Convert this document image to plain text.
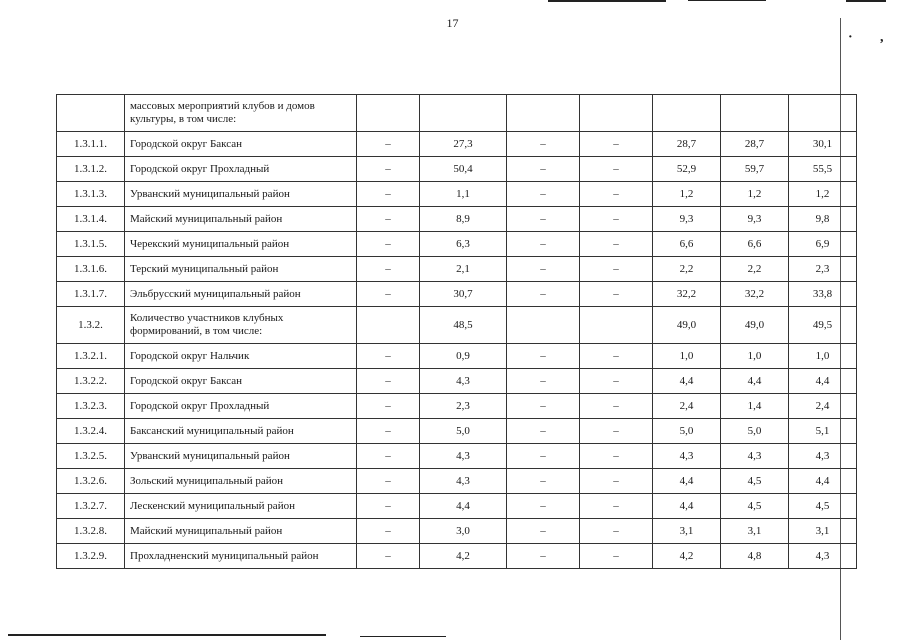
17
· ,
	массовых мероприятий клубов и домов культуры, в том числе:							
1.3.1.1.	Городской округ Баксан	–	27,3	–	–	28,7	28,7	30,1
1.3.1.2.	Городской округ Прохладный	–	50,4	–	–	52,9	59,7	55,5
1.3.1.3.	Урванский муниципальный район	–	1,1	–	–	1,2	1,2	1,2
1.3.1.4.	Майский муниципальный район	–	8,9	–	–	9,3	9,3	9,8
1.3.1.5.	Черекский муниципальный район	–	6,3	–	–	6,6	6,6	6,9
1.3.1.6.	Терский муниципальный район	–	2,1	–	–	2,2	2,2	2,3
1.3.1.7.	Эльбрусский муниципальный район	–	30,7	–	–	32,2	32,2	33,8
1.3.2.	Количество участников клубных формирований, в том числе:		48,5			49,0	49,0	49,5
1.3.2.1.	Городской округ Нальчик	–	0,9	–	–	1,0	1,0	1,0
1.3.2.2.	Городской округ Баксан	–	4,3	–	–	4,4	4,4	4,4
1.3.2.3.	Городской округ Прохладный	–	2,3	–	–	2,4	1,4	2,4
1.3.2.4.	Баксанский муниципальный район	–	5,0	–	–	5,0	5,0	5,1
1.3.2.5.	Урванский муниципальный район	–	4,3	–	–	4,3	4,3	4,3
1.3.2.6.	Зольский муниципальный район	–	4,3	–	–	4,4	4,5	4,4
1.3.2.7.	Лескенский муниципальный район	–	4,4	–	–	4,4	4,5	4,5
1.3.2.8.	Майский муниципальный район	–	3,0	–	–	3,1	3,1	3,1
1.3.2.9.	Прохладненский муниципальный район	–	4,2	–	–	4,2	4,8	4,3
